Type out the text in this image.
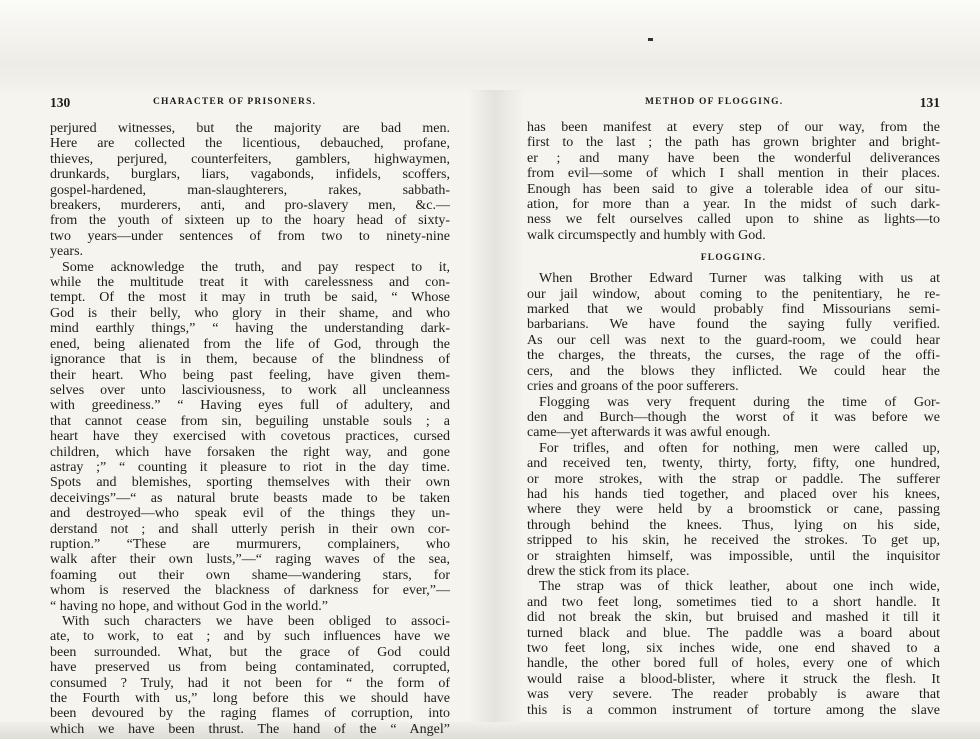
130	CHARACTER OF PRISONERS.
perjured witnesses, but the majority are bad men.
Here are collected the licentious, debauched, profane,
thieves, perjured, counterfeiters, gamblers, highwaymen,
drunkards, burglars, liars, vagabonds, infidels, scoffers,
gospel-hardened, man-slaughterers, rakes, sabbath-
breakers, murderers, anti, and pro-slavery men, &c.—
from the youth of sixteen up to the hoary head of sixty-
two years—under sentences of from two to ninety-nine
years.
Some acknowledge the truth, and pay respect to it,
while the multitude treat it with carelessness and con-
tempt. Of the most it may in truth be said, “ Whose
God is their belly, who glory in their shame, and who
mind earthly things,” “ having the understanding dark-
ened, being alienated from the life of God, through the
ignorance that is in them, because of the blindness of
their heart. Who being past feeling, have given them-
selves over unto lasciviousness, to work all uncleanness
with greediness.” “ Having eyes full of adultery, and
that cannot cease from sin, beguiling unstable souls ; a
heart have they exercised with covetous practices, cursed
children, which have forsaken the right way, and gone
astray ;” “ counting it pleasure to riot in the day time.
Spots and blemishes, sporting themselves with their own
deceivings”—“ as natural brute beasts made to be taken
and destroyed—who speak evil of the things they un-
derstand not ; and shall utterly perish in their own cor-
ruption.” “These are murmurers, complainers, who
walk after their own lusts,”—“ raging waves of the sea,
foaming out their own shame—wandering stars, for
whom is reserved the blackness of darkness for ever,”—
“ having no hope, and without God in the world.”
With such characters we have been obliged to associ-
ate, to work, to eat ; and by such influences have we
been surrounded. What, but the grace of God could
have preserved us from being contaminated, corrupted,
consumed ? Truly, had it not been for “ the form of
the Fourth with us,” long before this we should have
been devoured by the raging flames of corruption, into
which we have been thrust. The hand of the “ Angel”
METHOD OF FLOGGING.	131
has been manifest at every step of our way, from the
first to the last ; the path has grown brighter and bright-
er ; and many have been the wonderful deliverances
from evil—some of which I shall mention in their places.
Enough has been said to give a tolerable idea of our situ-
ation, for more than a year. In the midst of such dark-
ness we felt ourselves called upon to shine as lights—to
walk circumspectly and humbly with God.
FLOGGING.
When Brother Edward Turner was talking with us at
our jail window, about coming to the penitentiary, he re-
marked that we would probably find Missourians semi-
barbarians. We have found the saying fully verified.
As our cell was next to the guard-room, we could hear
the charges, the threats, the curses, the rage of the offi-
cers, and the blows they inflicted. We could hear the
cries and groans of the poor sufferers.
Flogging was very frequent during the time of Gor-
den and Burch—though the worst of it was before we
came—yet afterwards it was awful enough.
For trifles, and often for nothing, men were called up,
and received ten, twenty, thirty, forty, fifty, one hundred,
or more strokes, with the strap or paddle. The sufferer
had his hands tied together, and placed over his knees,
where they were held by a broomstick or cane, passing
through behind the knees. Thus, lying on his side,
stripped to his skin, he received the strokes. To get up,
or straighten himself, was impossible, until the inquisitor
drew the stick from its place.
The strap was of thick leather, about one inch wide,
and two feet long, sometimes tied to a short handle. It
did not break the skin, but bruised and mashed it till it
turned black and blue. The paddle was a board about
two feet long, six inches wide, one end shaved to a
handle, the other bored full of holes, every one of which
would raise a blood-blister, where it struck the flesh. It
was very severe. The reader probably is aware that
this is a common instrument of torture among the slave
